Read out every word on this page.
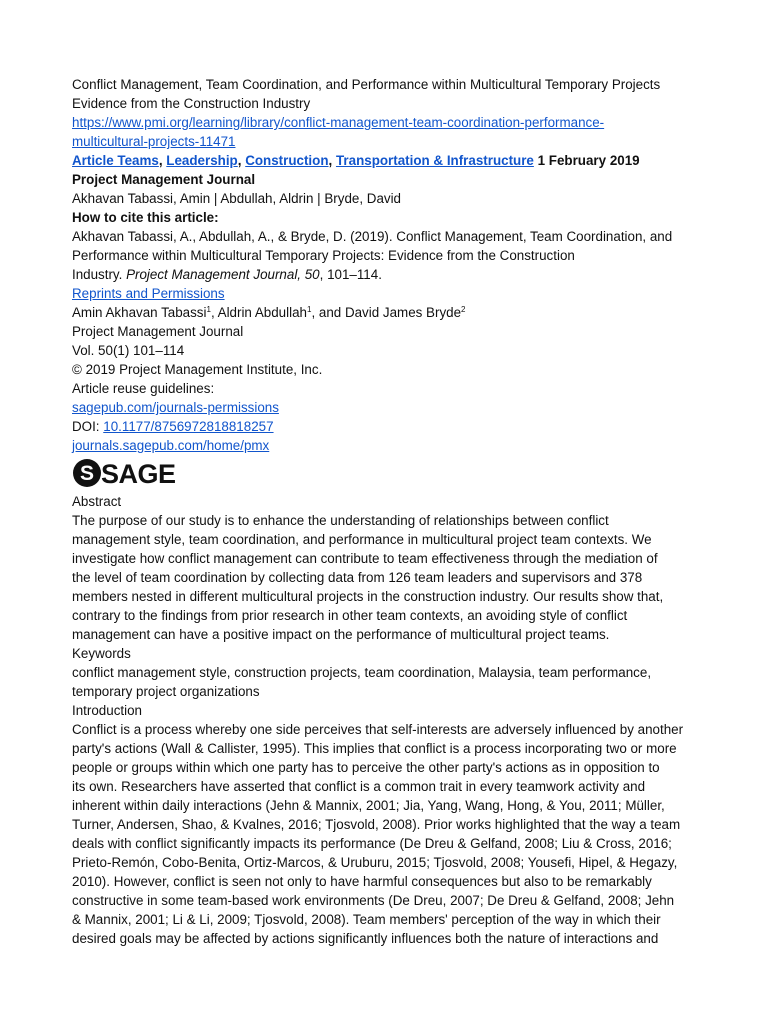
Conflict Management, Team Coordination, and Performance within Multicultural Temporary Projects
Evidence from the Construction Industry
https://www.pmi.org/learning/library/conflict-management-team-coordination-performance-
multicultural-projects-11471
Article Teams, Leadership, Construction, Transportation & Infrastructure 1 February 2019
Project Management Journal
Akhavan Tabassi, Amin | Abdullah, Aldrin | Bryde, David
How to cite this article:
Akhavan Tabassi, A., Abdullah, A., & Bryde, D. (2019). Conflict Management, Team Coordination, and
Performance within Multicultural Temporary Projects: Evidence from the Construction
Industry. Project Management Journal, 50, 101–114.
Reprints and Permissions
Amin Akhavan Tabassi$^1$, Aldrin Abdullah$^1$, and David James Bryde$^2$
Project Management Journal
Vol. 50(1) 101–114
© 2019 Project Management Institute, Inc.
Article reuse guidelines:
sagepub.com/journals-permissions
DOI: 10.1177/8756972818818257
journals.sagepub.com/home/pmx
S SAGE
Abstract
The purpose of our study is to enhance the understanding of relationships between conflict
management style, team coordination, and performance in multicultural project team contexts. We
investigate how conflict management can contribute to team effectiveness through the mediation of
the level of team coordination by collecting data from 126 team leaders and supervisors and 378
members nested in different multicultural projects in the construction industry. Our results show that,
contrary to the findings from prior research in other team contexts, an avoiding style of conflict
management can have a positive impact on the performance of multicultural project teams.
Keywords
conflict management style, construction projects, team coordination, Malaysia, team performance,
temporary project organizations
Introduction
Conflict is a process whereby one side perceives that self-interests are adversely influenced by another
party's actions (Wall & Callister, 1995). This implies that conflict is a process incorporating two or more
people or groups within which one party has to perceive the other party's actions as in opposition to
its own. Researchers have asserted that conflict is a common trait in every teamwork activity and
inherent within daily interactions (Jehn & Mannix, 2001; Jia, Yang, Wang, Hong, & You, 2011; Müller,
Turner, Andersen, Shao, & Kvalnes, 2016; Tjosvold, 2008). Prior works highlighted that the way a team
deals with conflict significantly impacts its performance (De Dreu & Gelfand, 2008; Liu & Cross, 2016;
Prieto-Remón, Cobo-Benita, Ortiz-Marcos, & Uruburu, 2015; Tjosvold, 2008; Yousefi, Hipel, & Hegazy,
2010). However, conflict is seen not only to have harmful consequences but also to be remarkably
constructive in some team-based work environments (De Dreu, 2007; De Dreu & Gelfand, 2008; Jehn
& Mannix, 2001; Li & Li, 2009; Tjosvold, 2008). Team members' perception of the way in which their
desired goals may be affected by actions significantly influences both the nature of interactions and
